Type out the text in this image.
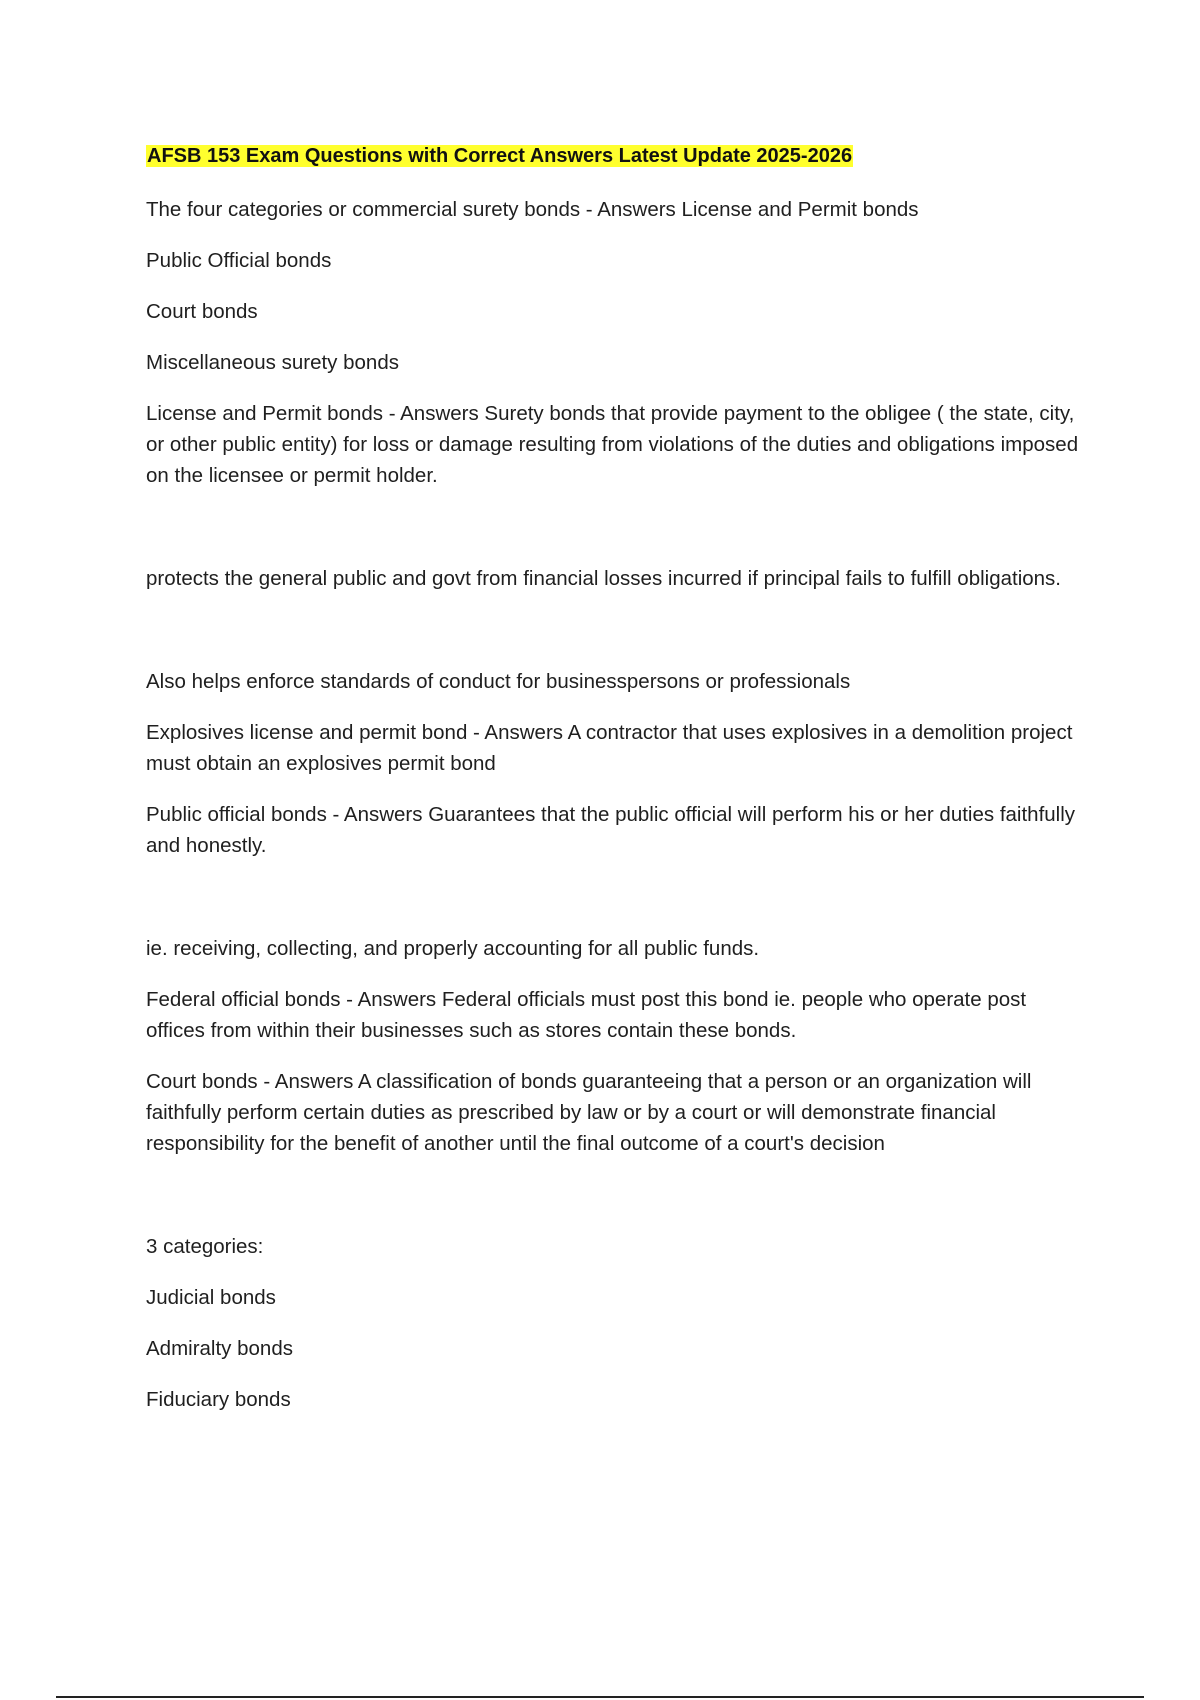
AFSB 153 Exam Questions with Correct Answers Latest Update 2025-2026

The four categories or commercial surety bonds - Answers License and Permit bonds

Public Official bonds

Court bonds

Miscellaneous surety bonds

License and Permit bonds - Answers Surety bonds that provide payment to the obligee ( the state, city, or other public entity) for loss or damage resulting from violations of the duties and obligations imposed on the licensee or permit holder.

protects the general public and govt from financial losses incurred if principal fails to fulfill obligations.

Also helps enforce standards of conduct for businesspersons or professionals

Explosives license and permit bond - Answers A contractor that uses explosives in a demolition project must obtain an explosives permit bond

Public official bonds - Answers Guarantees that the public official will perform his or her duties faithfully and honestly.

ie. receiving, collecting, and properly accounting for all public funds.

Federal official bonds - Answers Federal officials must post this bond ie. people who operate post offices from within their businesses such as stores contain these bonds.

Court bonds - Answers A classification of bonds guaranteeing that a person or an organization will faithfully perform certain duties as prescribed by law or by a court or will demonstrate financial responsibility for the benefit of another until the final outcome of a court's decision

3 categories:

Judicial bonds

Admiralty bonds

Fiduciary bonds
